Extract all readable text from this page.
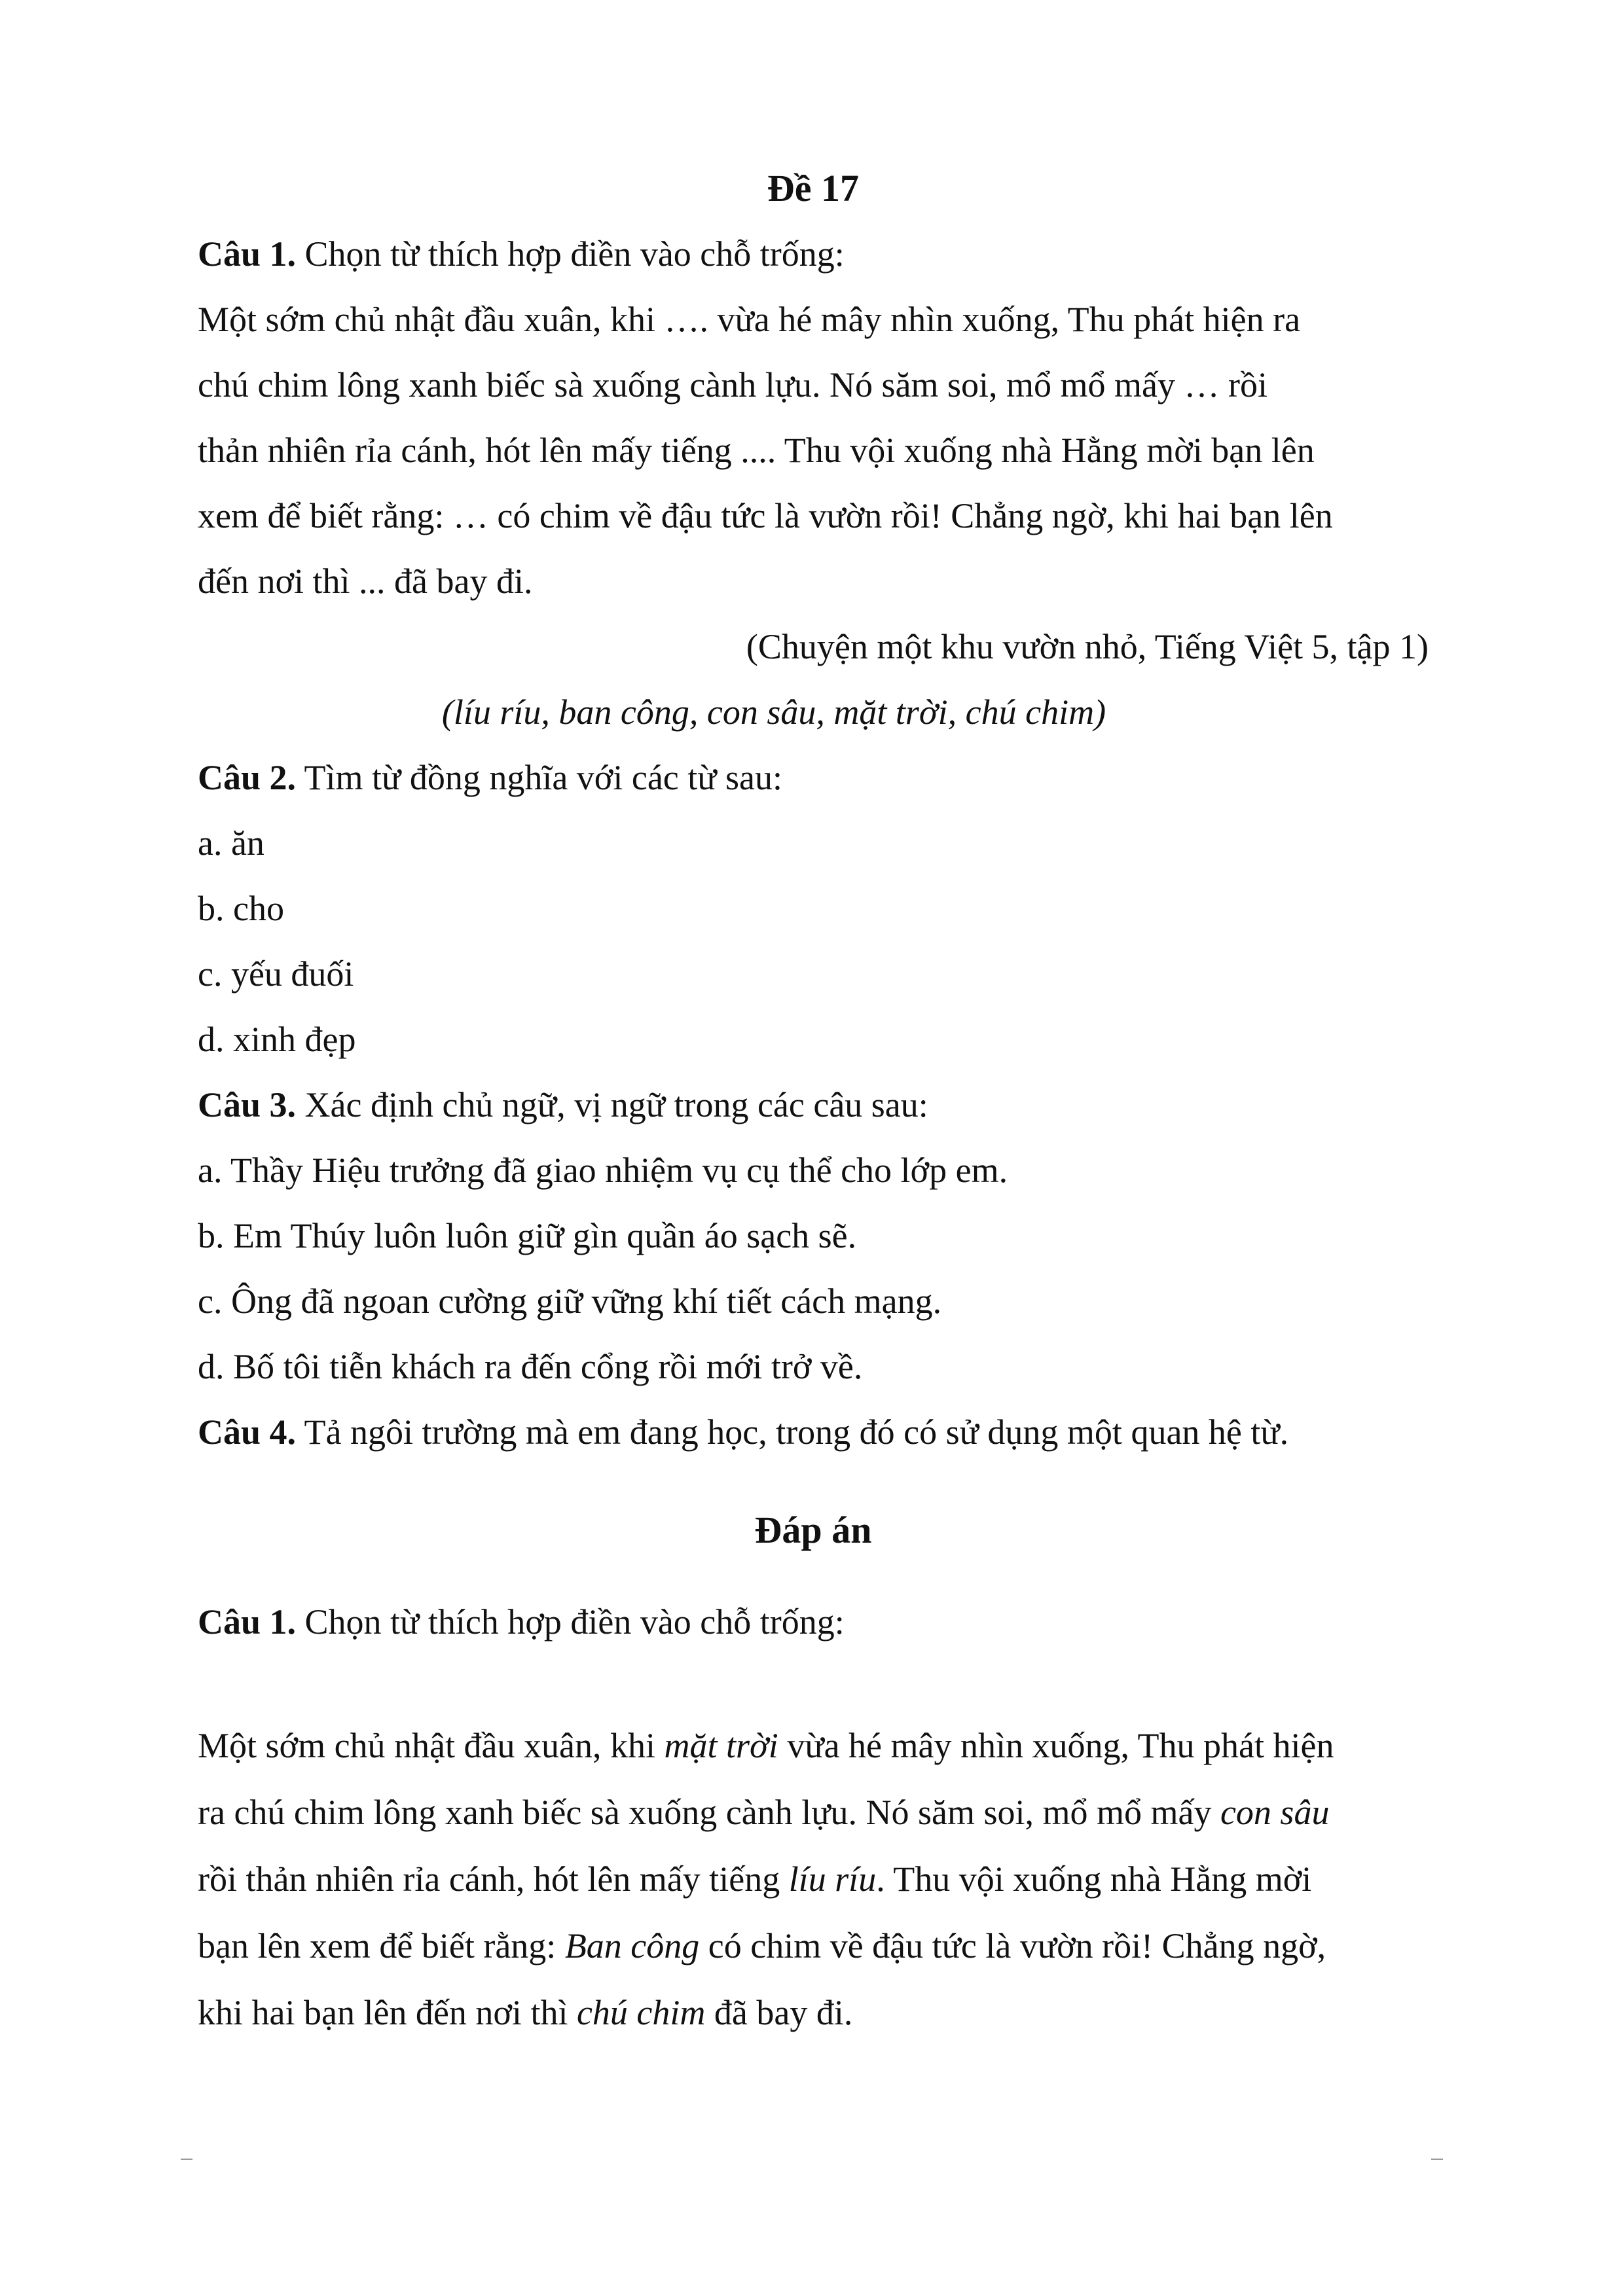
Đề 17

Câu 1. Chọn từ thích hợp điền vào chỗ trống:

Một sớm chủ nhật đầu xuân, khi …. vừa hé mây nhìn xuống, Thu phát hiện ra

chú chim lông xanh biếc sà xuống cành lựu. Nó săm soi, mổ mổ mấy … rồi

thản nhiên rỉa cánh, hót lên mấy tiếng .... Thu vội xuống nhà Hằng mời bạn lên

xem để biết rằng: … có chim về đậu tức là vườn rồi! Chẳng ngờ, khi hai bạn lên

đến nơi thì ... đã bay đi.

(Chuyện một khu vườn nhỏ, Tiếng Việt 5, tập 1)

(líu ríu, ban công, con sâu, mặt trời, chú chim)

Câu 2. Tìm từ đồng nghĩa với các từ sau:

a. ăn

b. cho

c. yếu đuối

d. xinh đẹp

Câu 3. Xác định chủ ngữ, vị ngữ trong các câu sau:

a. Thầy Hiệu trưởng đã giao nhiệm vụ cụ thể cho lớp em.

b. Em Thúy luôn luôn giữ gìn quần áo sạch sẽ.

c. Ông đã ngoan cường giữ vững khí tiết cách mạng.

d. Bố tôi tiễn khách ra đến cổng rồi mới trở về.

Câu 4. Tả ngôi trường mà em đang học, trong đó có sử dụng một quan hệ từ.

Đáp án

Câu 1. Chọn từ thích hợp điền vào chỗ trống:

Một sớm chủ nhật đầu xuân, khi mặt trời vừa hé mây nhìn xuống, Thu phát hiện

ra chú chim lông xanh biếc sà xuống cành lựu. Nó săm soi, mổ mổ mấy con sâu

rồi thản nhiên rỉa cánh, hót lên mấy tiếng líu ríu. Thu vội xuống nhà Hằng mời

bạn lên xem để biết rằng: Ban công có chim về đậu tức là vườn rồi! Chẳng ngờ,

khi hai bạn lên đến nơi thì chú chim đã bay đi.
